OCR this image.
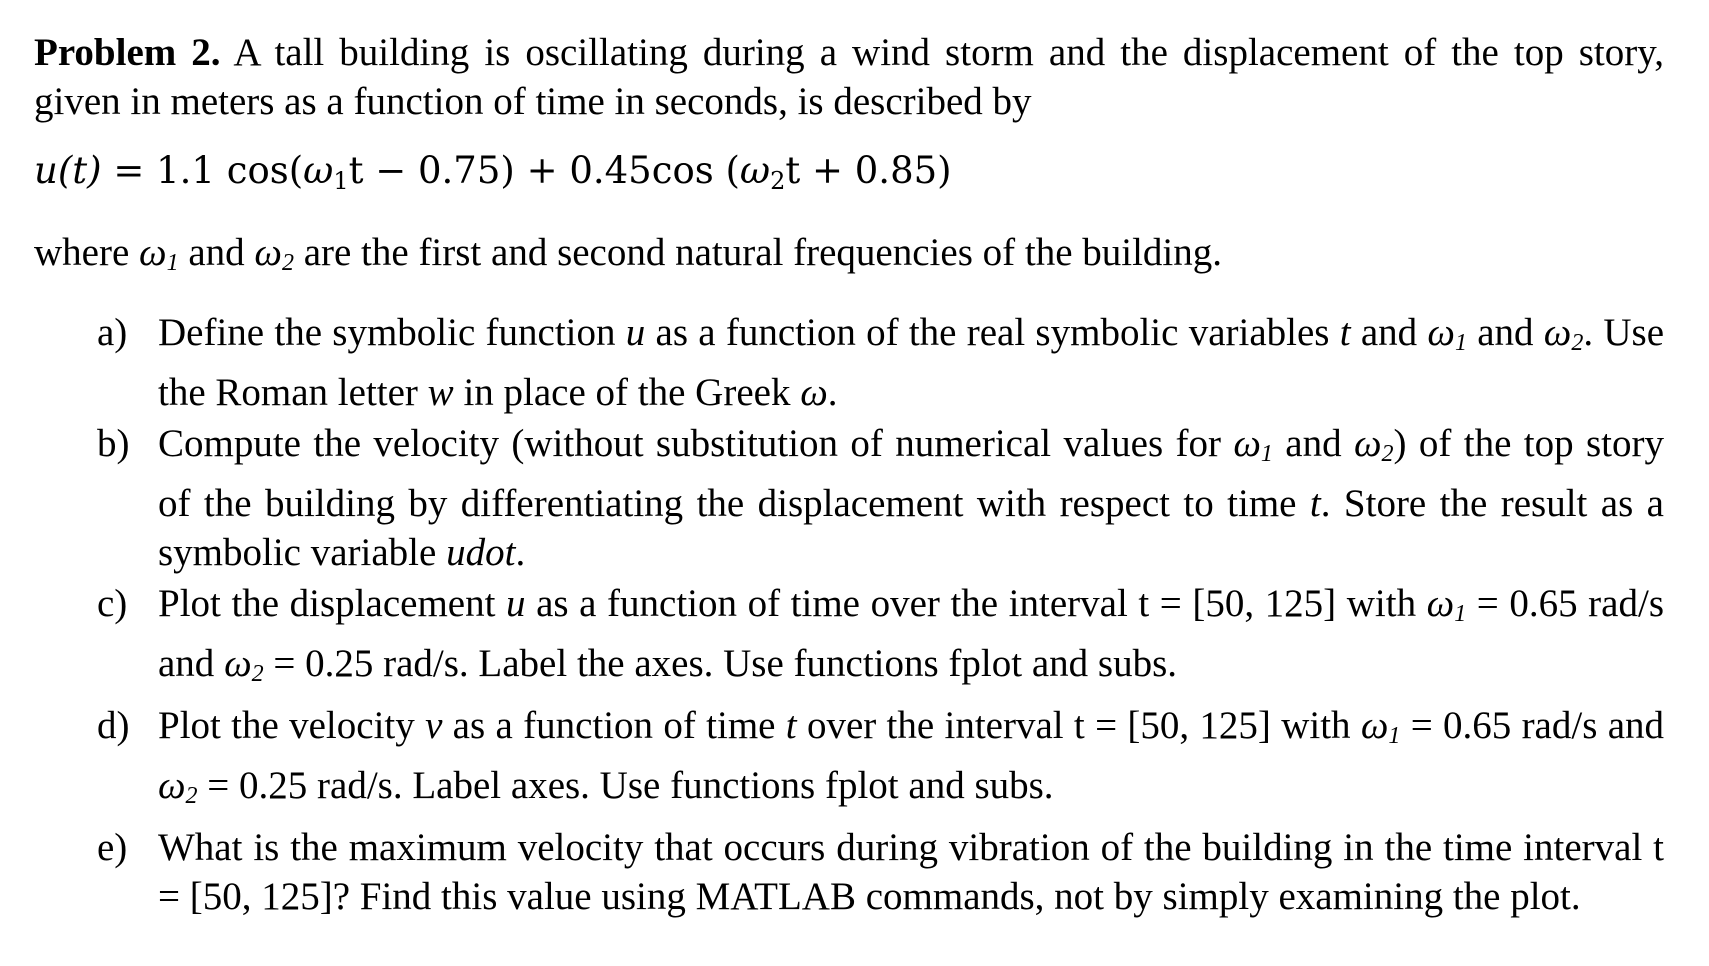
Problem 2. A tall building is oscillating during a wind storm and the displacement of the top story, given in meters as a function of time in seconds, is described by

u(t) = 1.1 $\cos(\omega_1t - 0.75) + 0.45\cos$ $(\omega_2t + 0.85)$

where $\omega_1$ and $\omega_2$ are the first and second natural frequencies of the building.

a) Define the symbolic function u as a function of the real symbolic variables t and $\omega_1$ and $\omega_2$. Use the Roman letter w in place of the Greek ω.
b) Compute the velocity (without substitution of numerical values for $\omega_1$ and $\omega_2$) of the top story of the building by differentiating the displacement with respect to time t. Store the result as a symbolic variable udot.
c) Plot the displacement u as a function of time over the interval t = [50, 125] with $\omega_1 = 0.65$ rad/s and $\omega_2 = 0.25$ rad/s. Label the axes. Use functions fplot and subs.
d) Plot the velocity v as a function of time t over the interval t = [50, 125] with $\omega_1 = 0.65$ rad/s and $\omega_2 = 0.25$ rad/s. Label axes. Use functions fplot and subs.
e) What is the maximum velocity that occurs during vibration of the building in the time interval t = [50, 125]? Find this value using MATLAB commands, not by simply examining the plot.
